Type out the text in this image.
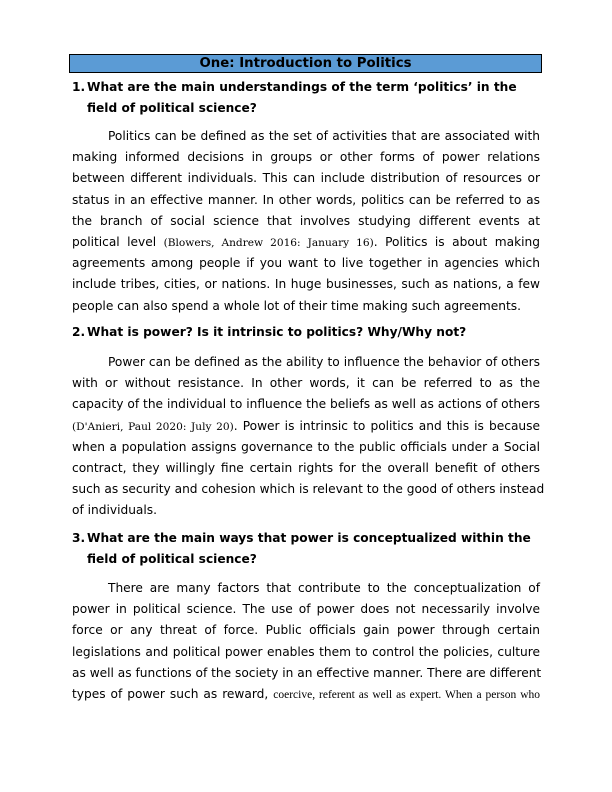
One: Introduction to Politics
1. What are the main understandings of the term ‘politics’ in the
field of political science?
Politics can be defined as the set of activities that are associated with
making informed decisions in groups or other forms of power relations
between different individuals. This can include distribution of resources or
status in an effective manner. In other words, politics can be referred to as
the branch of social science that involves studying different events at
political level (Blowers, Andrew 2016: January 16). Politics is about making
agreements among people if you want to live together in agencies which
include tribes, cities, or nations. In huge businesses, such as nations, a few
people can also spend a whole lot of their time making such agreements.
2. What is power? Is it intrinsic to politics? Why/Why not?
Power can be defined as the ability to influence the behavior of others
with or without resistance. In other words, it can be referred to as the
capacity of the individual to influence the beliefs as well as actions of others
(D'Anieri, Paul 2020: July 20). Power is intrinsic to politics and this is because
when a population assigns governance to the public officials under a Social
contract, they willingly fine certain rights for the overall benefit of others
such as security and cohesion which is relevant to the good of others instead
of individuals.
3. What are the main ways that power is conceptualized within the
field of political science?
There are many factors that contribute to the conceptualization of
power in political science. The use of power does not necessarily involve
force or any threat of force. Public officials gain power through certain
legislations and political power enables them to control the policies, culture
as well as functions of the society in an effective manner. There are different
types of power such as reward, coercive, referent as well as expert. When a person who
